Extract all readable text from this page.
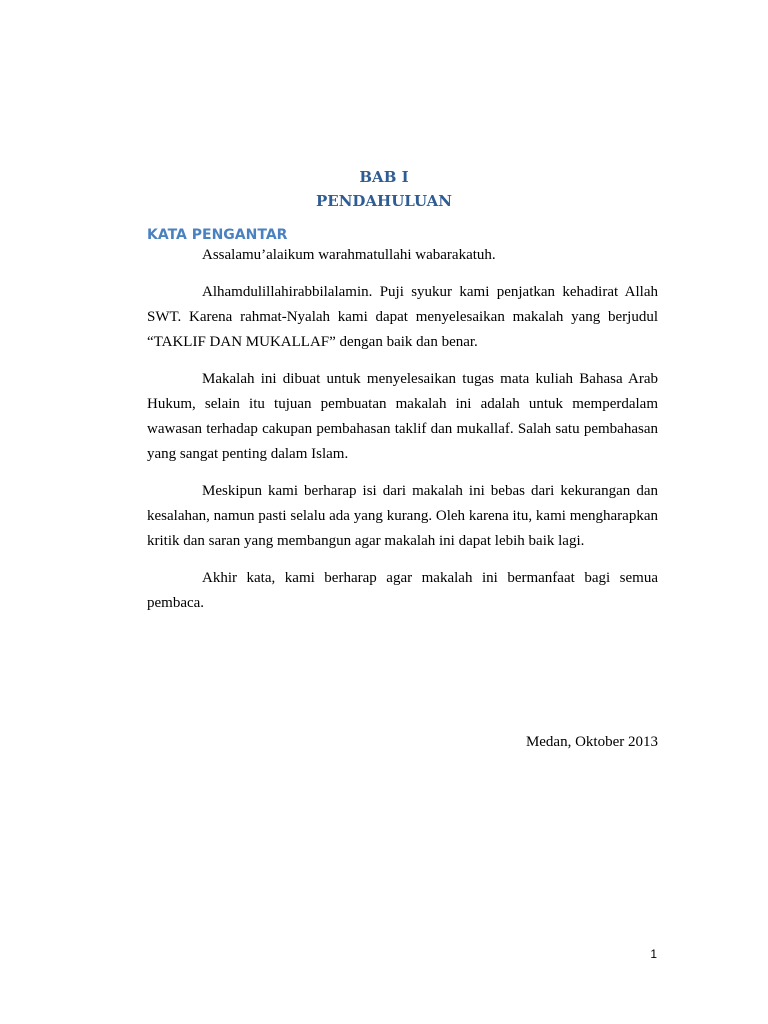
BAB I
PENDAHULUAN
KATA PENGANTAR

Assalamu’alaikum warahmatullahi wabarakatuh.

Alhamdulillahirabbilalamin. Puji syukur kami penjatkan kehadirat Allah SWT. Karena rahmat-Nyalah kami dapat menyelesaikan makalah yang berjudul “TAKLIF DAN MUKALLAF” dengan baik dan benar.

Makalah ini dibuat untuk menyelesaikan tugas mata kuliah Bahasa Arab Hukum, selain itu tujuan pembuatan makalah ini adalah untuk memperdalam wawasan terhadap cakupan pembahasan taklif dan mukallaf. Salah satu pembahasan yang sangat penting dalam Islam.

Meskipun kami berharap isi dari makalah ini bebas dari kekurangan dan kesalahan, namun pasti selalu ada yang kurang. Oleh karena itu, kami mengharapkan kritik dan saran yang membangun agar makalah ini dapat lebih baik lagi.

Akhir kata, kami berharap agar makalah ini bermanfaat bagi semua pembaca.

Medan, Oktober 2013

1
